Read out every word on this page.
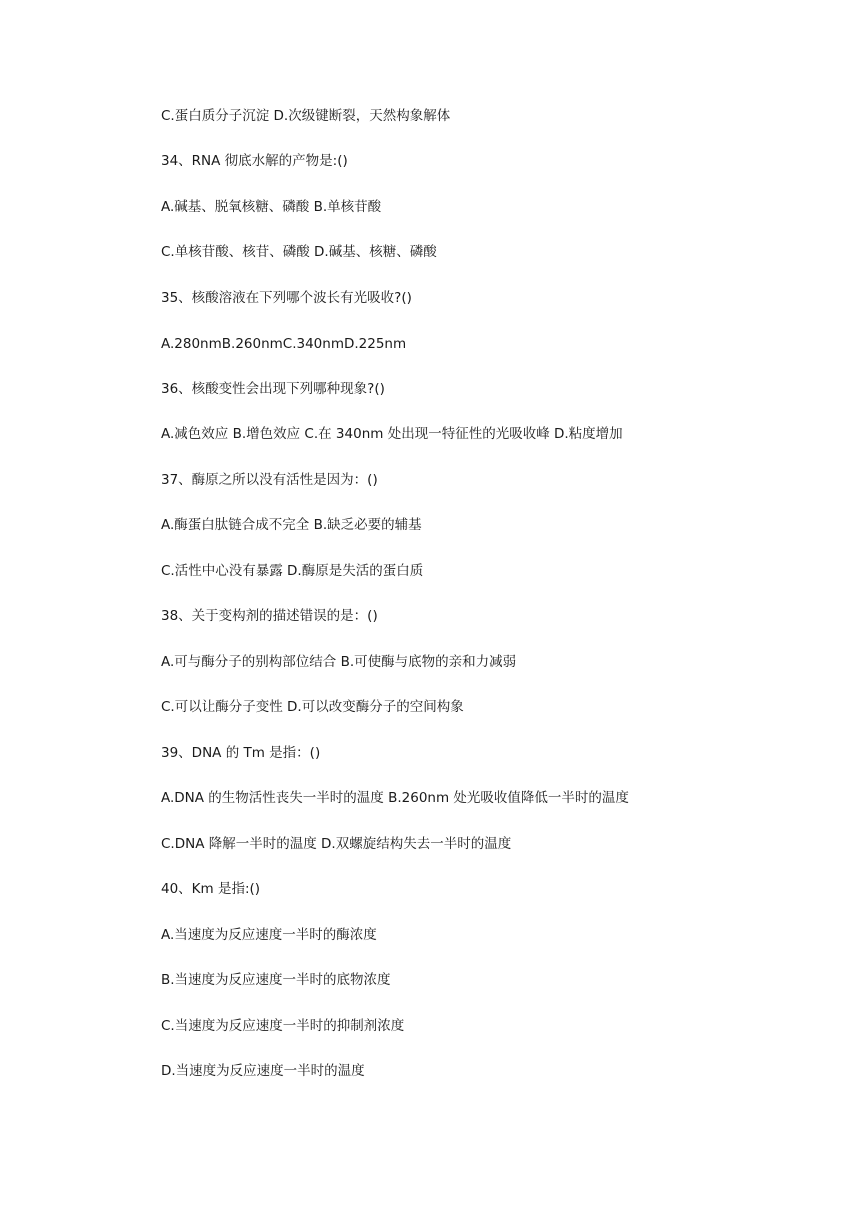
C.蛋白质分子沉淀 D.次级键断裂，天然构象解体
34、RNA 彻底水解的产物是:()
A.碱基、脱氧核糖、磷酸 B.单核苷酸
C.单核苷酸、核苷、磷酸 D.碱基、核糖、磷酸
35、核酸溶液在下列哪个波长有光吸收?()
A.280nmB.260nmC.340nmD.225nm
36、核酸变性会出现下列哪种现象?()
A.减色效应 B.增色效应 C.在 340nm 处出现一特征性的光吸收峰 D.粘度增加
37、酶原之所以没有活性是因为：()
A.酶蛋白肽链合成不完全 B.缺乏必要的辅基
C.活性中心没有暴露 D.酶原是失活的蛋白质
38、关于变构剂的描述错误的是：()
A.可与酶分子的别构部位结合 B.可使酶与底物的亲和力减弱
C.可以让酶分子变性 D.可以改变酶分子的空间构象
39、DNA 的 Tm 是指：()
A.DNA 的生物活性丧失一半时的温度 B.260nm 处光吸收值降低一半时的温度
C.DNA 降解一半时的温度 D.双螺旋结构失去一半时的温度
40、Km 是指:()
A.当速度为反应速度一半时的酶浓度
B.当速度为反应速度一半时的底物浓度
C.当速度为反应速度一半时的抑制剂浓度
D.当速度为反应速度一半时的温度
